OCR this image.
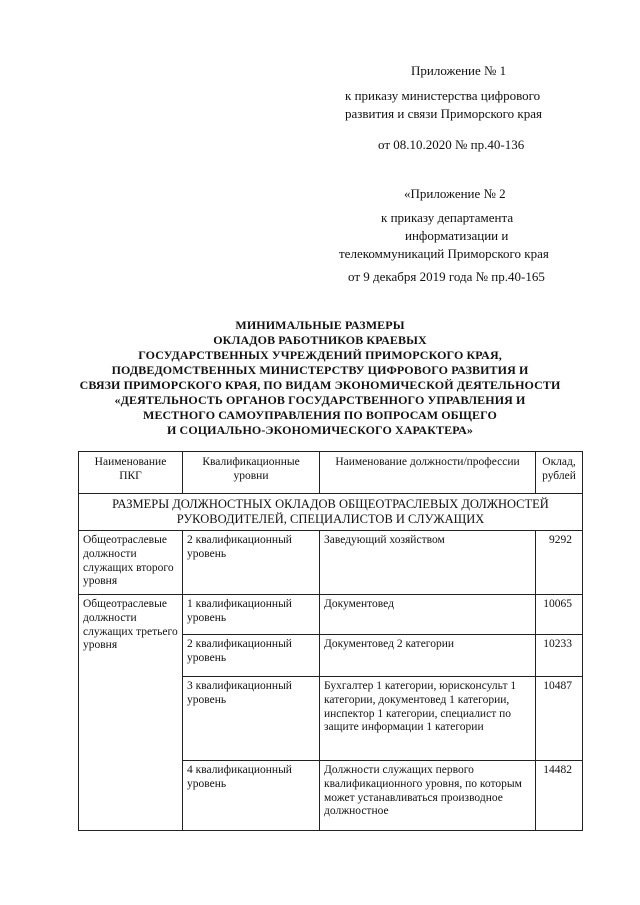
Приложение № 1
к приказу министерства цифрового
развития и связи Приморского края
от 08.10.2020 № пр.40-136
«Приложение № 2
к приказу департамента
информатизации и
телекоммуникаций Приморского края
от 9 декабря 2019 года № пр.40-165
МИНИМАЛЬНЫЕ РАЗМЕРЫ
ОКЛАДОВ РАБОТНИКОВ КРАЕВЫХ
ГОСУДАРСТВЕННЫХ УЧРЕЖДЕНИЙ ПРИМОРСКОГО КРАЯ,
ПОДВЕДОМСТВЕННЫХ МИНИСТЕРСТВУ ЦИФРОВОГО РАЗВИТИЯ И
СВЯЗИ ПРИМОРСКОГО КРАЯ, ПО ВИДАМ ЭКОНОМИЧЕСКОЙ ДЕЯТЕЛЬНОСТИ
«ДЕЯТЕЛЬНОСТЬ ОРГАНОВ ГОСУДАРСТВЕННОГО УПРАВЛЕНИЯ И
МЕСТНОГО САМОУПРАВЛЕНИЯ ПО ВОПРОСАМ ОБЩЕГО
И СОЦИАЛЬНО-ЭКОНОМИЧЕСКОГО ХАРАКТЕРА»
Наименование ПКГ	Квалификационные уровни	Наименование должности/профессии	Оклад, рублей
РАЗМЕРЫ ДОЛЖНОСТНЫХ ОКЛАДОВ ОБЩЕОТРАСЛЕВЫХ ДОЛЖНОСТЕЙ РУКОВОДИТЕЛЕЙ, СПЕЦИАЛИСТОВ И СЛУЖАЩИХ			
Общеотраслевые должности служащих второго уровня	2 квалификационный уровень	Заведующий хозяйством	9292
Общеотраслевые должности служащих третьего уровня	1 квалификационный уровень	Документовед	10065
	2 квалификационный уровень	Документовед 2 категории	10233
	3 квалификационный уровень	Бухгалтер 1 категории, юрисконсульт 1 категории, документовед 1 категории, инспектор 1 категории, специалист по защите информации 1 категории	10487
	4 квалификационный уровень	Должности служащих первого квалификационного уровня, по которым может устанавливаться производное должностное	14482
